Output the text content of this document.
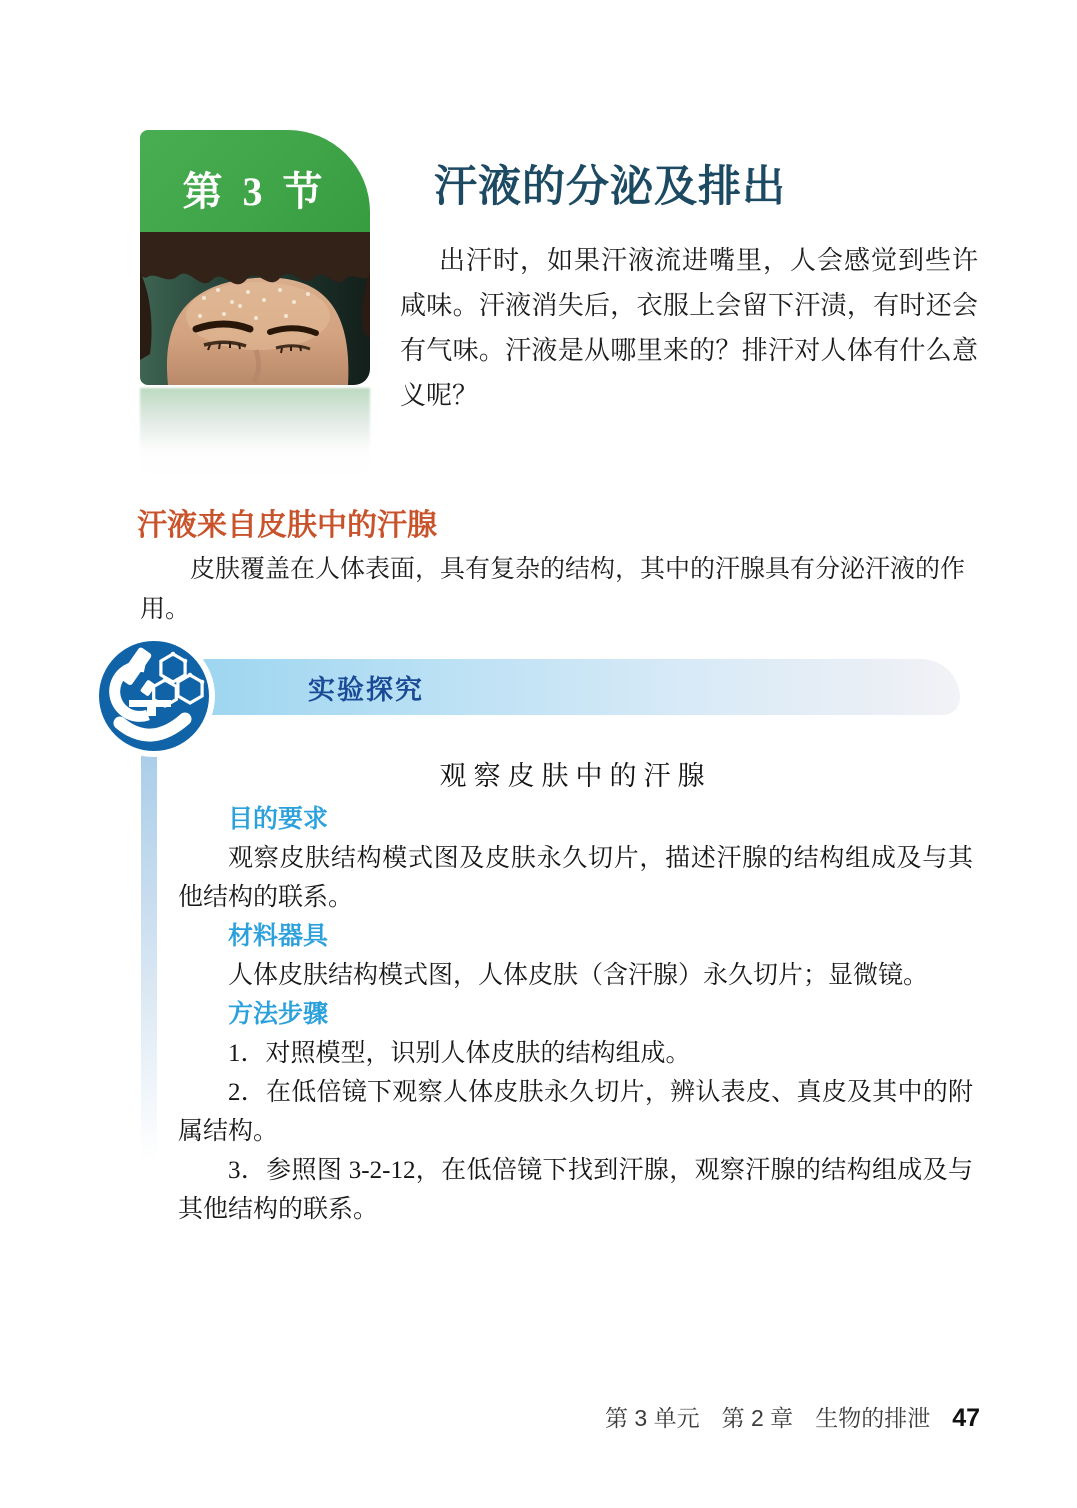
第 3 节 汗液的分泌及排出

出汗时，如果汗液流进嘴里，人会感觉到些许咸味。汗液消失后，衣服上会留下汗渍，有时还会有气味。汗液是从哪里来的？排汗对人体有什么意义呢？

汗液来自皮肤中的汗腺

皮肤覆盖在人体表面，具有复杂的结构，其中的汗腺具有分泌汗液的作用。

实验探究
观察皮肤中的汗腺
目的要求

观察皮肤结构模式图及皮肤永久切片，描述汗腺的结构组成及与其他结构的联系。

材料器具

人体皮肤结构模式图，人体皮肤（含汗腺）永久切片；显微镜。

方法步骤

1．对照模型，识别人体皮肤的结构组成。

2．在低倍镜下观察人体皮肤永久切片，辨认表皮、真皮及其中的附属结构。

3．参照图 3-2-12，在低倍镜下找到汗腺，观察汗腺的结构组成及与其他结构的联系。

第 3 单元 第 2 章 生物的排泄 47
